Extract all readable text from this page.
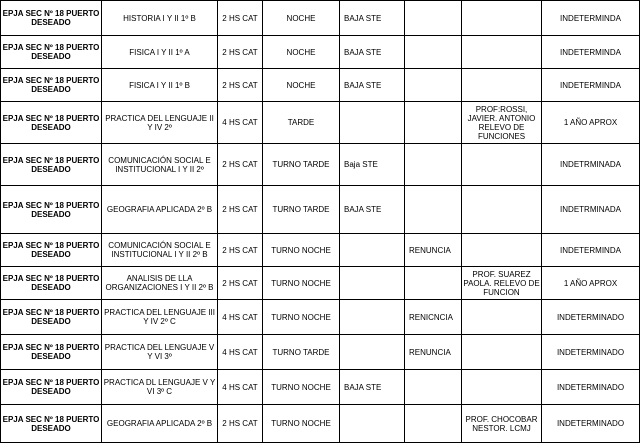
EPJA SEC Nº 18 PUERTO DESEADO	HISTORIA I Y II 1º B	2 HS CAT	NOCHE	BAJA STE			INDETERMINDA
EPJA SEC Nº 18 PUERTO DESEADO	FISICA I Y II 1º A	2 HS CAT	NOCHE	BAJA STE			INDETERMINDA
EPJA SEC Nº 18 PUERTO DESEADO	FISICA I Y II 1º B	2 HS CAT	NOCHE	BAJA STE			INDETERMINDA
EPJA SEC Nº 18 PUERTO DESEADO	PRACTICA DEL LENGUAJE II Y IV 2º	4 HS CAT	TARDE			PROF:ROSSI, JAVIER. ANTONIO RELEVO DE FUNCIONES	1 AÑO APROX
EPJA SEC Nº 18 PUERTO DESEADO	COMUNICACIÓN SOCIAL E INSTITUCIONAL I Y II 2º	2 HS CAT	TURNO TARDE	Baja STE			INDETRMINADA
EPJA SEC Nº 18 PUERTO DESEADO	GEOGRAFIA APLICADA 2º B	2 HS CAT	TURNO TARDE	BAJA STE			INDETRMINADA
EPJA SEC Nº 18 PUERTO DESEADO	COMUNICACIÓN SOCIAL E INSTITUCIONAL I Y II 2º B	2 HS CAT	TURNO NOCHE		RENUNCIA		INDETERMINDA
EPJA SEC Nº 18 PUERTO DESEADO	ANALISIS DE LLA ORGANIZACIONES I Y II 2º B	2 HS CAT	TURNO NOCHE			PROF. SUAREZ PAOLA. RELEVO DE FUNCION	1 AÑO APROX
EPJA SEC Nº 18 PUERTO DESEADO	PRACTICA DEL LENGUAJE III Y IV 2º C	4 HS CAT	TURNO NOCHE		RENICNCIA		INDETERMINADO
EPJA SEC Nº 18 PUERTO DESEADO	PRACTICA DEL LENGUAJE V Y VI 3º	4 HS CAT	TURNO TARDE		RENUNCIA		INDETERMINADO
EPJA SEC Nº 18 PUERTO DESEADO	PRACTICA DL LENGUAJE V Y VI 3º C	4 HS CAT	TURNO NOCHE	BAJA STE			INDETERMINADO
EPJA SEC Nº 18 PUERTO DESEADO	GEOGRAFIA APLICADA 2º B	2 HS CAT	TURNO NOCHE			PROF. CHOCOBAR NESTOR. LCMJ	INDETERMINADO
